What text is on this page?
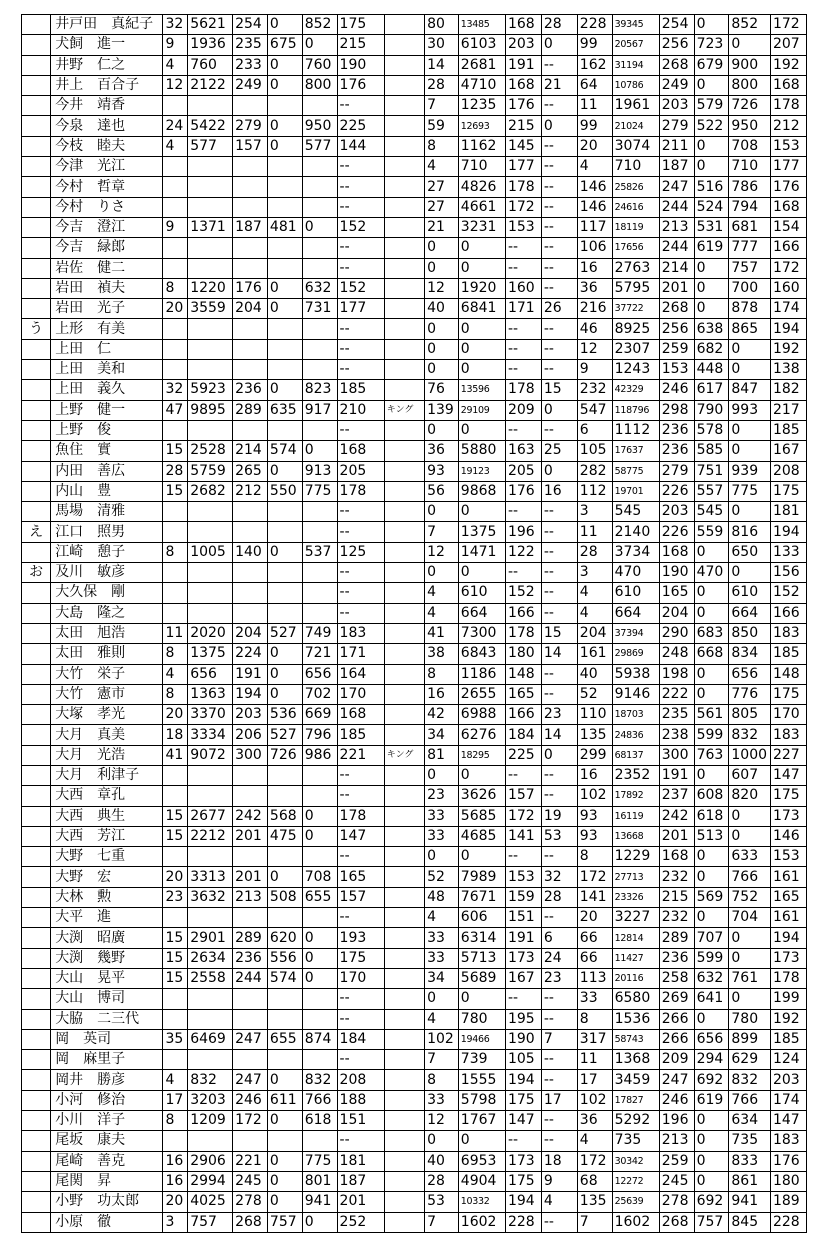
	井戸田　真紀子	32	5621	254	0	852	175		80	13485	168	28	228	39345	254	0	852	172
	犬飼　進一	9	1936	235	675	0	215		30	6103	203	0	99	20567	256	723	0	207
	井野　仁之	4	760	233	0	760	190		14	2681	191	--	162	31194	268	679	900	192
	井上　百合子	12	2122	249	0	800	176		28	4710	168	21	64	10786	249	0	800	168
	今井　靖香						--		7	1235	176	--	11	1961	203	579	726	178
	今泉　達也	24	5422	279	0	950	225		59	12693	215	0	99	21024	279	522	950	212
	今枝　睦夫	4	577	157	0	577	144		8	1162	145	--	20	3074	211	0	708	153
	今津　光江						--		4	710	177	--	4	710	187	0	710	177
	今村　哲章						--		27	4826	178	--	146	25826	247	516	786	176
	今村　りさ						--		27	4661	172	--	146	24616	244	524	794	168
	今吉　澄江	9	1371	187	481	0	152		21	3231	153	--	117	18119	213	531	681	154
	今吉　緑郎						--		0	0	--	--	106	17656	244	619	777	166
	岩佐　健二						--		0	0	--	--	16	2763	214	0	757	172
	岩田　禎夫	8	1220	176	0	632	152		12	1920	160	--	36	5795	201	0	700	160
	岩田　光子	20	3559	204	0	731	177		40	6841	171	26	216	37722	268	0	878	174
う	上形　有美						--		0	0	--	--	46	8925	256	638	865	194
	上田　仁						--		0	0	--	--	12	2307	259	682	0	192
	上田　美和						--		0	0	--	--	9	1243	153	448	0	138
	上田　義久	32	5923	236	0	823	185		76	13596	178	15	232	42329	246	617	847	182
	上野　健一	47	9895	289	635	917	210	キング	139	29109	209	0	547	118796	298	790	993	217
	上野　俊						--		0	0	--	--	6	1112	236	578	0	185
	魚住　實	15	2528	214	574	0	168		36	5880	163	25	105	17637	236	585	0	167
	内田　善広	28	5759	265	0	913	205		93	19123	205	0	282	58775	279	751	939	208
	内山　豊	15	2682	212	550	775	178		56	9868	176	16	112	19701	226	557	775	175
	馬場　清雅						--		0	0	--	--	3	545	203	545	0	181
え	江口　照男						--		7	1375	196	--	11	2140	226	559	816	194
	江崎　憩子	8	1005	140	0	537	125		12	1471	122	--	28	3734	168	0	650	133
お	及川　敏彦						--		0	0	--	--	3	470	190	470	0	156
	大久保　剛						--		4	610	152	--	4	610	165	0	610	152
	大島　隆之						--		4	664	166	--	4	664	204	0	664	166
	太田　旭浩	11	2020	204	527	749	183		41	7300	178	15	204	37394	290	683	850	183
	太田　雅則	8	1375	224	0	721	171		38	6843	180	14	161	29869	248	668	834	185
	大竹　栄子	4	656	191	0	656	164		8	1186	148	--	40	5938	198	0	656	148
	大竹　憲市	8	1363	194	0	702	170		16	2655	165	--	52	9146	222	0	776	175
	大塚　孝光	20	3370	203	536	669	168		42	6988	166	23	110	18703	235	561	805	170
	大月　真美	18	3334	206	527	796	185		34	6276	184	14	135	24836	238	599	832	183
	大月　光浩	41	9072	300	726	986	221	キング	81	18295	225	0	299	68137	300	763	1000	227
	大月　利津子						--		0	0	--	--	16	2352	191	0	607	147
	大西　章孔						--		23	3626	157	--	102	17892	237	608	820	175
	大西　典生	15	2677	242	568	0	178		33	5685	172	19	93	16119	242	618	0	173
	大西　芳江	15	2212	201	475	0	147		33	4685	141	53	93	13668	201	513	0	146
	大野　七重						--		0	0	--	--	8	1229	168	0	633	153
	大野　宏	20	3313	201	0	708	165		52	7989	153	32	172	27713	232	0	766	161
	大林　勲	23	3632	213	508	655	157		48	7671	159	28	141	23326	215	569	752	165
	大平　進						--		4	606	151	--	20	3227	232	0	704	161
	大渕　昭廣	15	2901	289	620	0	193		33	6314	191	6	66	12814	289	707	0	194
	大渕　幾野	15	2634	236	556	0	175		33	5713	173	24	66	11427	236	599	0	173
	大山　晃平	15	2558	244	574	0	170		34	5689	167	23	113	20116	258	632	761	178
	大山　博司						--		0	0	--	--	33	6580	269	641	0	199
	大脇　二三代						--		4	780	195	--	8	1536	266	0	780	192
	岡　英司	35	6469	247	655	874	184		102	19466	190	7	317	58743	266	656	899	185
	岡　麻里子						--		7	739	105	--	11	1368	209	294	629	124
	岡井　勝彦	4	832	247	0	832	208		8	1555	194	--	17	3459	247	692	832	203
	小河　修治	17	3203	246	611	766	188		33	5798	175	17	102	17827	246	619	766	174
	小川　洋子	8	1209	172	0	618	151		12	1767	147	--	36	5292	196	0	634	147
	尾坂　康夫						--		0	0	--	--	4	735	213	0	735	183
	尾崎　善克	16	2906	221	0	775	181		40	6953	173	18	172	30342	259	0	833	176
	尾関　昇	16	2994	245	0	801	187		28	4904	175	9	68	12272	245	0	861	180
	小野　功太郎	20	4025	278	0	941	201		53	10332	194	4	135	25639	278	692	941	189
	小原　徹	3	757	268	757	0	252		7	1602	228	--	7	1602	268	757	845	228
